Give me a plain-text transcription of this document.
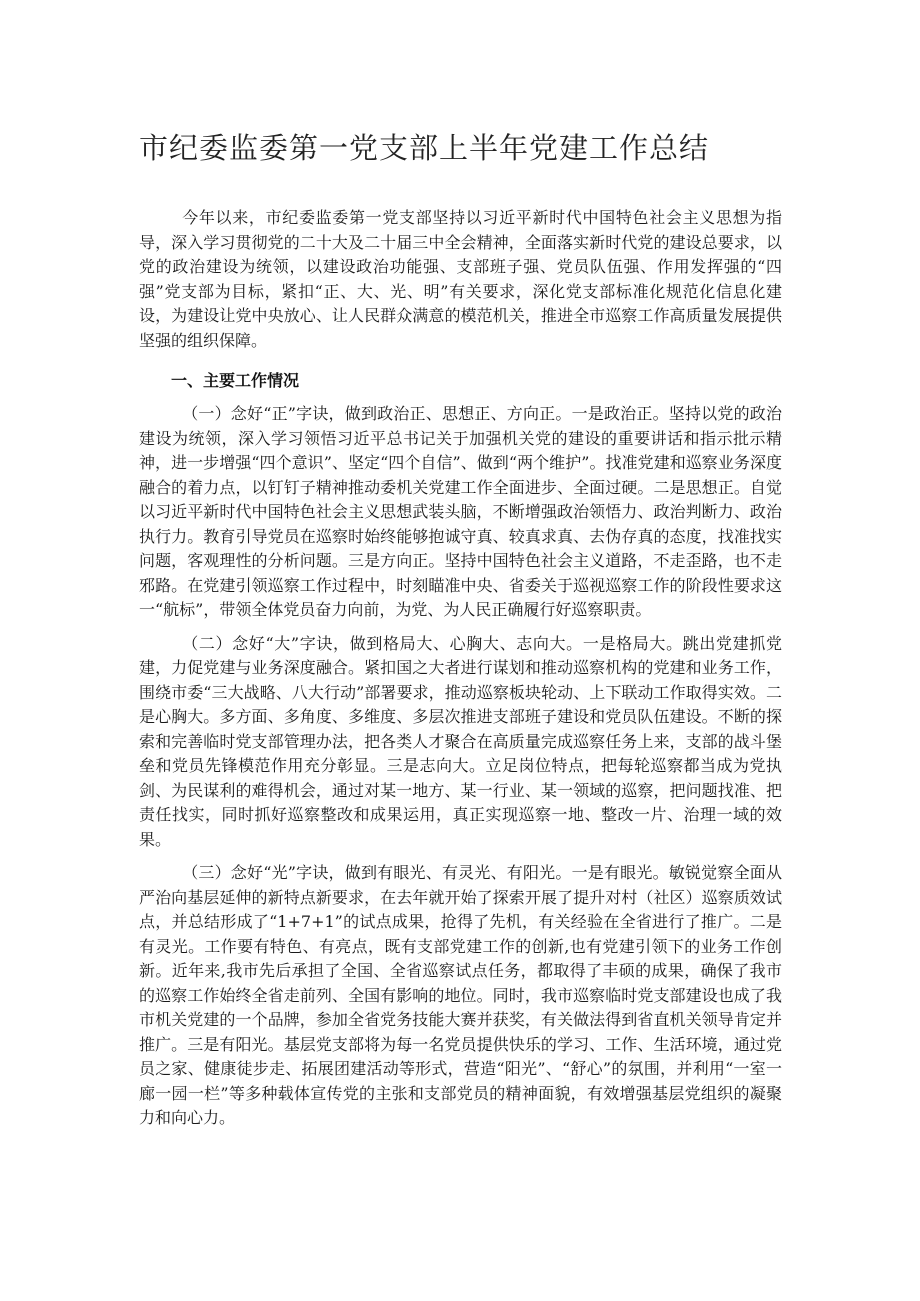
市纪委监委第一党支部上半年党建工作总结

今年以来，市纪委监委第一党支部坚持以习近平新时代中国特色社会主义思想为指导，深入学习贯彻党的二十大及二十届三中全会精神，全面落实新时代党的建设总要求，以党的政治建设为统领，以建设政治功能强、支部班子强、党员队伍强、作用发挥强的“四强”党支部为目标，紧扣“正、大、光、明”有关要求，深化党支部标准化规范化信息化建设，为建设让党中央放心、让人民群众满意的模范机关，推进全市巡察工作高质量发展提供坚强的组织保障。

一、主要工作情况

（一）念好“正”字诀，做到政治正、思想正、方向正。一是政治正。坚持以党的政治建设为统领，深入学习领悟习近平总书记关于加强机关党的建设的重要讲话和指示批示精神，进一步增强“四个意识”、坚定“四个自信”、做到“两个维护”。找准党建和巡察业务深度融合的着力点，以钉钉子精神推动委机关党建工作全面进步、全面过硬。二是思想正。自觉以习近平新时代中国特色社会主义思想武装头脑，不断增强政治领悟力、政治判断力、政治执行力。教育引导党员在巡察时始终能够抱诚守真、较真求真、去伪存真的态度，找准找实问题，客观理性的分析问题。三是方向正。坚持中国特色社会主义道路，不走歪路，也不走邪路。在党建引领巡察工作过程中，时刻瞄准中央、省委关于巡视巡察工作的阶段性要求这一“航标”，带领全体党员奋力向前，为党、为人民正确履行好巡察职责。

（二）念好“大”字诀，做到格局大、心胸大、志向大。一是格局大。跳出党建抓党建，力促党建与业务深度融合。紧扣国之大者进行谋划和推动巡察机构的党建和业务工作，围绕市委“三大战略、八大行动”部署要求，推动巡察板块轮动、上下联动工作取得实效。二是心胸大。多方面、多角度、多维度、多层次推进支部班子建设和党员队伍建设。不断的探索和完善临时党支部管理办法，把各类人才聚合在高质量完成巡察任务上来，支部的战斗堡垒和党员先锋模范作用充分彰显。三是志向大。立足岗位特点，把每轮巡察都当成为党执剑、为民谋利的难得机会，通过对某一地方、某一行业、某一领域的巡察，把问题找准、把责任找实，同时抓好巡察整改和成果运用，真正实现巡察一地、整改一片、治理一域的效果。

（三）念好“光”字诀，做到有眼光、有灵光、有阳光。一是有眼光。敏锐觉察全面从严治向基层延伸的新特点新要求，在去年就开始了探索开展了提升对村（社区）巡察质效试点，并总结形成了“1+7+1”的试点成果，抢得了先机，有关经验在全省进行了推广。二是有灵光。工作要有特色、有亮点，既有支部党建工作的创新,也有党建引领下的业务工作创新。近年来,我市先后承担了全国、全省巡察试点任务，都取得了丰硕的成果，确保了我市的巡察工作始终全省走前列、全国有影响的地位。同时，我市巡察临时党支部建设也成了我市机关党建的一个品牌，参加全省党务技能大赛并获奖，有关做法得到省直机关领导肯定并推广。三是有阳光。基层党支部将为每一名党员提供快乐的学习、工作、生活环境，通过党员之家、健康徒步走、拓展团建活动等形式，营造“阳光”、“舒心”的氛围，并利用“一室一廊一园一栏”等多种载体宣传党的主张和支部党员的精神面貌，有效增强基层党组织的凝聚力和向心力。
